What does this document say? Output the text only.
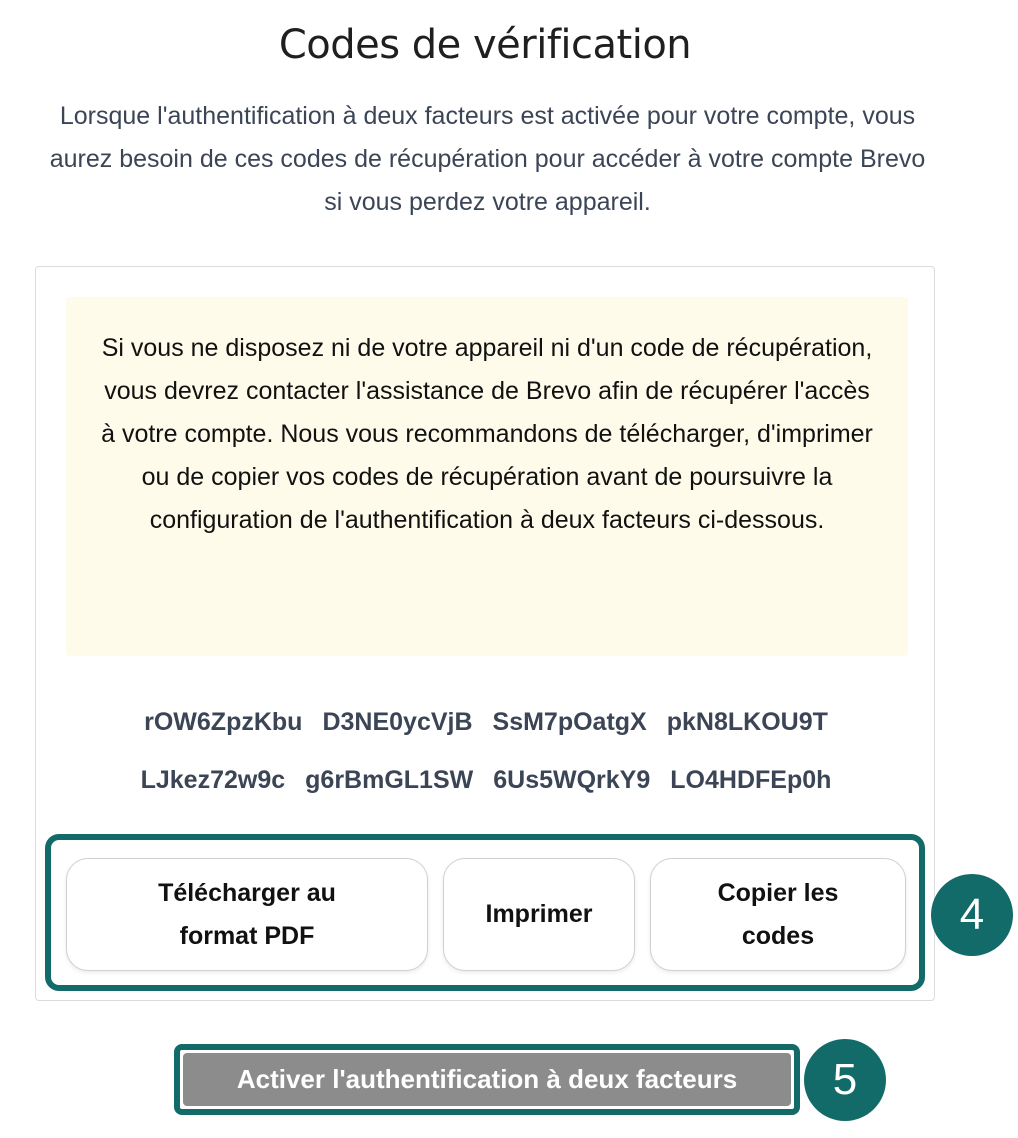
Codes de vérification

Lorsque l'authentification à deux facteurs est activée pour votre compte, vous aurez besoin de ces codes de récupération pour accéder à votre compte Brevo si vous perdez votre appareil.

Si vous ne disposez ni de votre appareil ni d'un code de récupération, vous devrez contacter l'assistance de Brevo afin de récupérer l'accès à votre compte. Nous vous recommandons de télécharger, d'imprimer ou de copier vos codes de récupération avant de poursuivre la configuration de l'authentification à deux facteurs ci-dessous.
rOW6ZpzKbu D3NE0ycVjB SsM7pOatgX pkN8LKOU9T
LJkez72w9c g6rBmGL1SW 6Us5WQrkY9 LO4HDFEp0h
Télécharger au format PDF
Imprimer
Copier les codes	4
Activer l'authentification à deux facteurs	5
